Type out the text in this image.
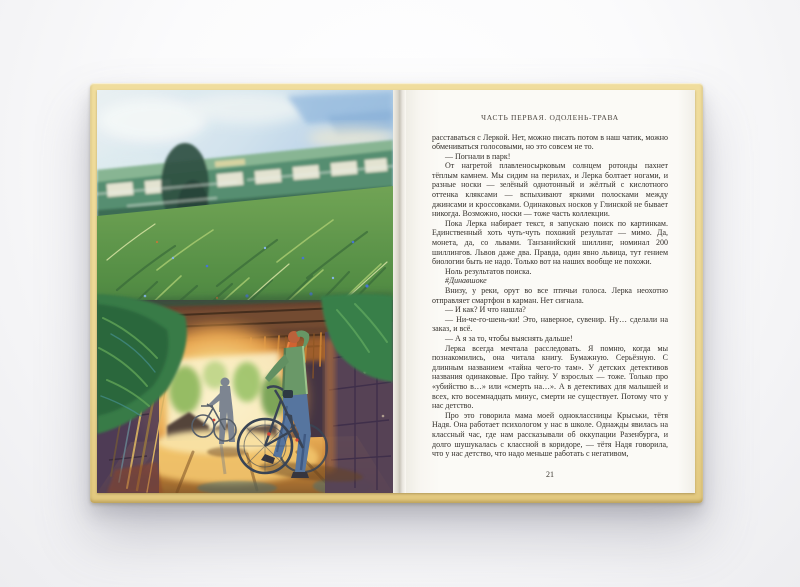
ЧАСТЬ ПЕРВАЯ. ОДОЛЕНЬ-ТРАВА

расставаться с Леркой. Нет, можно писать потом в наш чатик, можно обмениваться голосовыми, но это совсем не то.

— Погнали в парк!

От нагретой плавленосырковым солнцем ротонды пахнет тёплым камнем. Мы сидим на перилах, и Лерка болтает ногами, и разные носки — зелёный однотонный и жёлтый с кислотного оттенка кляксами — вспыхивают яркими полосками между джинсами и кроссовками. Одинаковых носков у Глинской не бывает никогда. Возможно, носки — тоже часть коллекции.

Пока Лерка набирает текст, я запускаю поиск по картинкам. Единственный хоть чуть-чуть похожий результат — мимо. Да, монета, да, со львами. Танзанийский шиллинг, номинал 200 шиллингов. Львов даже два. Правда, один явно львица, тут гением биологии быть не надо. Только вот на наших вообще не похожи.

Ноль результатов поиска.

#Динавшоке

Внизу, у реки, орут во все птичьи голоса. Лерка неохотно отправляет смартфон в карман. Нет сигнала.

— И как? И что нашла?

— Ни-че-го-шень-ки! Это, наверное, сувенир. Ну… сделали на заказ, и всё.

— А я за то, чтобы выяснять дальше!

Лерка всегда мечтала расследовать. Я помню, когда мы познакомились, она читала книгу. Бумажную. Серьёзную. С длинным названием «тайна чего-то там». У детских детективов названия одинаковые. Про тайну. У взрослых — тоже. Только про «убийство в…» или «смерть на…». А в детективах для малышей и всех, кто восемнадцать минус, смерти не существует. Потому что у нас детство.

Про это говорила мама моей одноклассницы Крыськи, тётя Надя. Она работает психологом у нас в школе. Однажды явилась на классный час, где нам рассказывали об оккупации Разенбурга, и долго шушукалась с классной в коридоре, — тётя Надя говорила, что у нас детство, что надо меньше работать с негативом,

21
